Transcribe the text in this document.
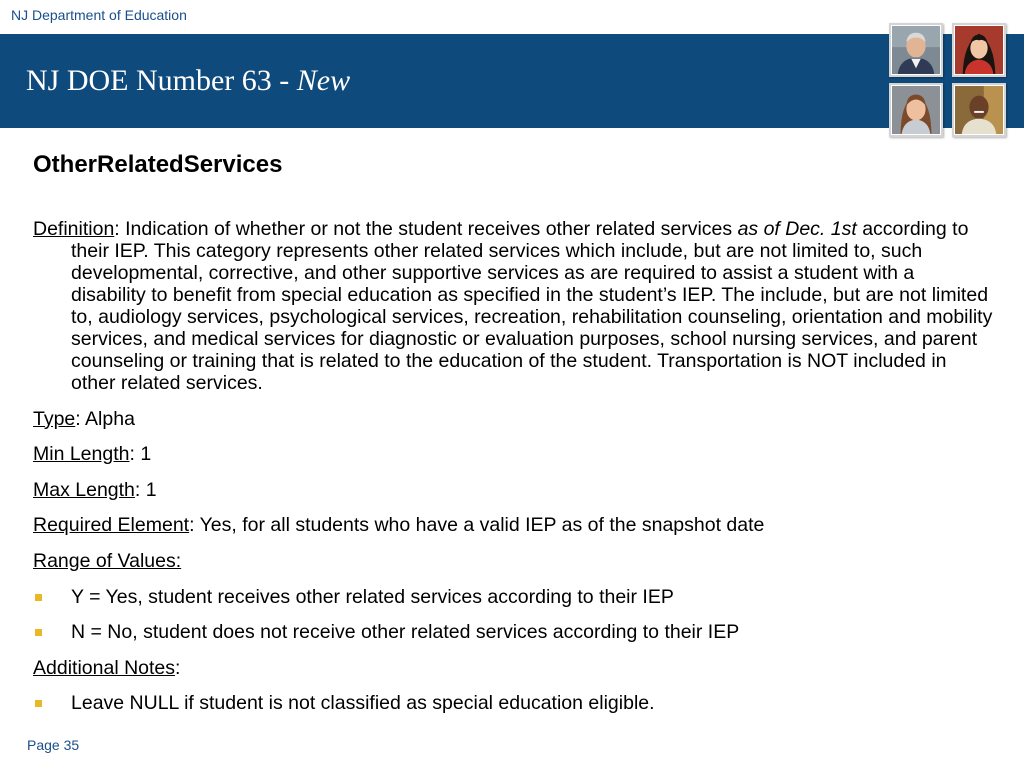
NJ Department of Education
NJ DOE Number 63 - New
OtherRelatedServices
Definition: Indication of whether or not the student receives other related services as of Dec. 1st according to their IEP. This category represents other related services which include, but are not limited to, such developmental, corrective, and other supportive services as are required to assist a student with a disability to benefit from special education as specified in the student’s IEP. The include, but are not limited to, audiology services, psychological services, recreation, rehabilitation counseling, orientation and mobility services, and medical services for diagnostic or evaluation purposes, school nursing services, and parent counseling or training that is related to the education of the student. Transportation is NOT included in other related services.
Type: Alpha
Min Length: 1
Max Length: 1
Required Element: Yes, for all students who have a valid IEP as of the snapshot date
Range of Values:
Y = Yes, student receives other related services according to their IEP
N = No, student does not receive other related services according to their IEP
Additional Notes:
Leave NULL if student is not classified as special education eligible.
Page 35
